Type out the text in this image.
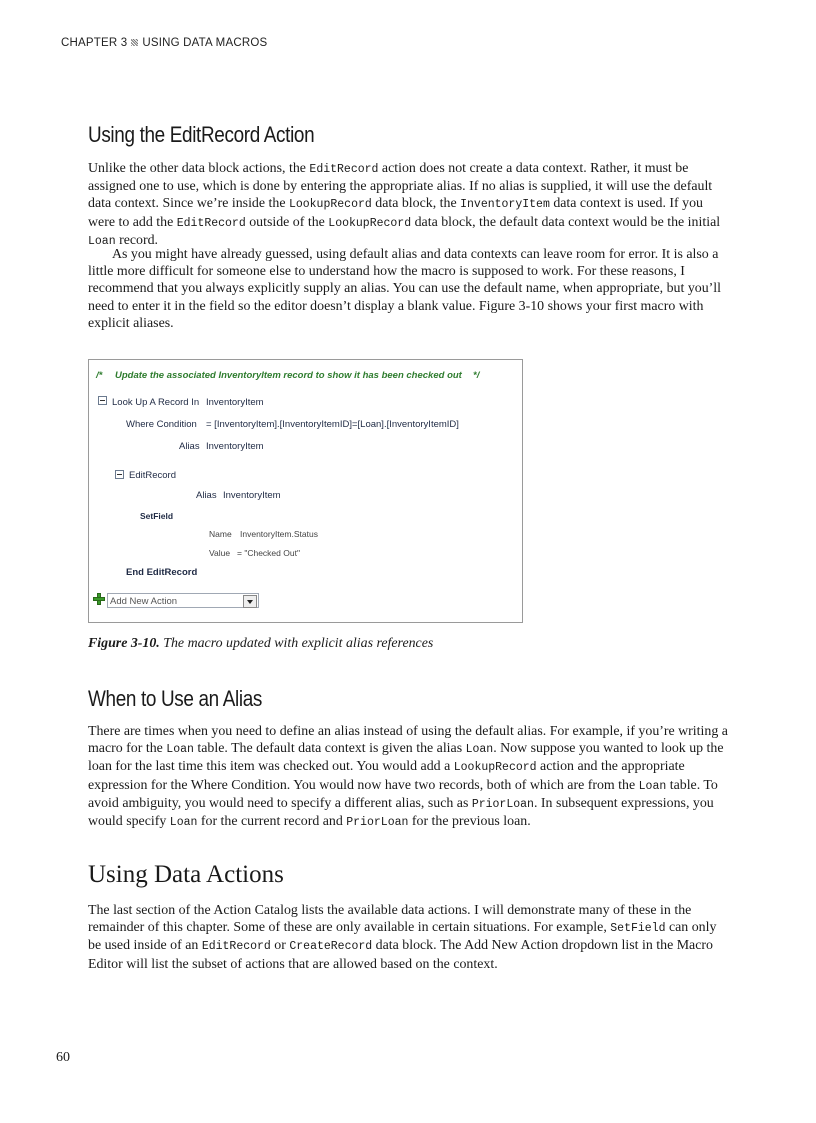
CHAPTER 3 USING DATA MACROS
Using the EditRecord Action

Unlike the other data block actions, the EditRecord action does not create a data context. Rather, it must be assigned one to use, which is done by entering the appropriate alias. If no alias is supplied, it will use the default data context. Since we’re inside the LookupRecord data block, the InventoryItem data context is used. If you were to add the EditRecord outside of the LookupRecord data block, the default data context would be the initial Loan record.

As you might have already guessed, using default alias and data contexts can leave room for error. It is also a little more difficult for someone else to understand how the macro is supposed to work. For these reasons, I recommend that you always explicitly supply an alias. You can use the default name, when appropriate, but you’ll need to enter it in the field so the editor doesn’t display a blank value. Figure 3-10 shows your first macro with explicit aliases.

/* Update the associated InventoryItem record to show it has been checked out */
Look Up A Record In InventoryItem
Where Condition = [InventoryItem].[InventoryItemID]=[Loan].[InventoryItemID]
Alias InventoryItem
EditRecord
Alias InventoryItem
SetField
Name InventoryItem.Status
Value = "Checked Out"
End EditRecord
Add New Action
Figure 3-10. The macro updated with explicit alias references
When to Use an Alias

There are times when you need to define an alias instead of using the default alias. For example, if you’re writing a macro for the Loan table. The default data context is given the alias Loan. Now suppose you wanted to look up the loan for the last time this item was checked out. You would add a LookupRecord action and the appropriate expression for the Where Condition. You would now have two records, both of which are from the Loan table. To avoid ambiguity, you would need to specify a different alias, such as PriorLoan. In subsequent expressions, you would specify Loan for the current record and PriorLoan for the previous loan.

Using Data Actions

The last section of the Action Catalog lists the available data actions. I will demonstrate many of these in the remainder of this chapter. Some of these are only available in certain situations. For example, SetField can only be used inside of an EditRecord or CreateRecord data block. The Add New Action dropdown list in the Macro Editor will list the subset of actions that are allowed based on the context.

60
